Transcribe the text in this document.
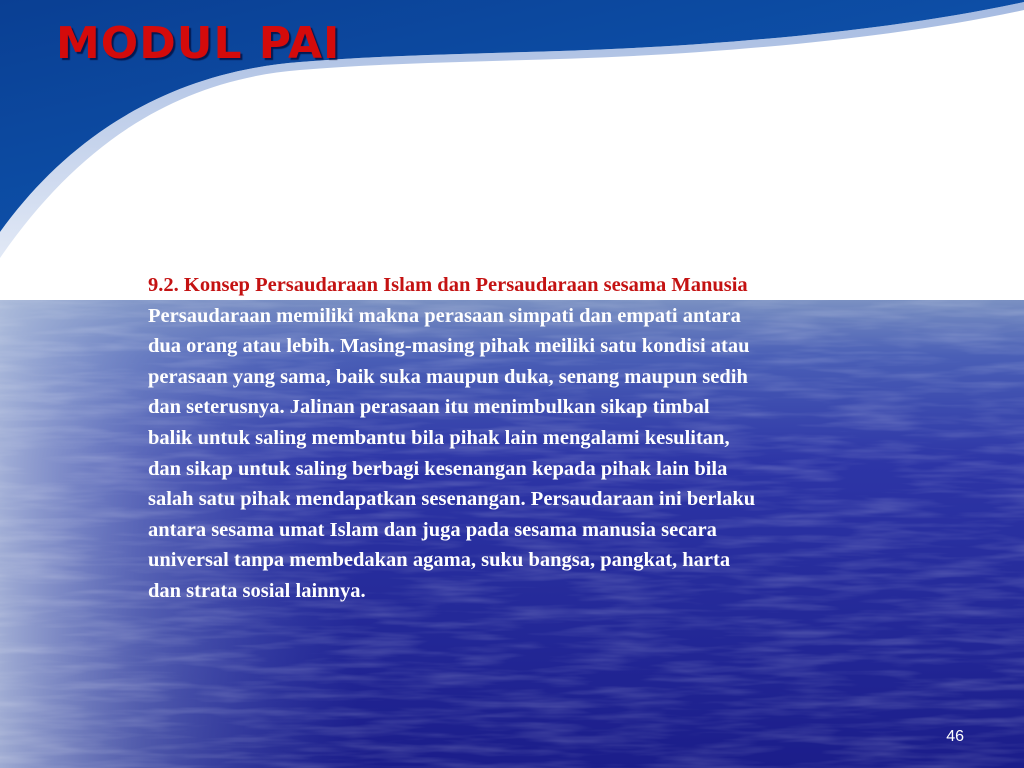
MODUL PAI
9.2. Konsep Persaudaraan Islam dan Persaudaraan sesama Manusia
Persaudaraan memiliki makna perasaan simpati dan empati antara
dua orang atau lebih. Masing-masing pihak meiliki satu kondisi atau
perasaan yang sama, baik suka maupun duka, senang maupun sedih
dan seterusnya. Jalinan perasaan itu menimbulkan sikap timbal
balik untuk saling membantu bila pihak lain mengalami kesulitan,
dan sikap untuk saling berbagi kesenangan kepada pihak lain bila
salah satu pihak mendapatkan sesenangan. Persaudaraan ini berlaku
antara sesama umat Islam dan juga pada sesama manusia secara
universal tanpa membedakan agama, suku bangsa, pangkat, harta
dan strata sosial lainnya.
46
